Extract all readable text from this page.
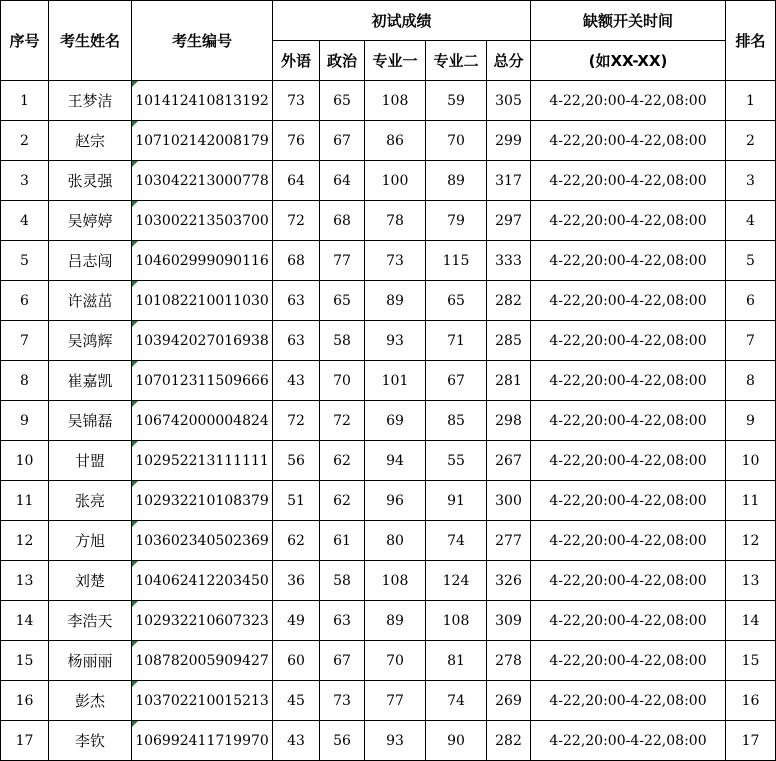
序号	考生姓名	考生编号	初试成绩					缺额开关时间	排名
			外语	政治	专业一	专业二	总分	(如XX-XX)	
1	王梦洁	101412410813192	73	65	108	59	305	4-22,20:00-4-22,08:00	1
2	赵宗	107102142008179	76	67	86	70	299	4-22,20:00-4-22,08:00	2
3	张灵强	103042213000778	64	64	100	89	317	4-22,20:00-4-22,08:00	3
4	吴婷婷	103002213503700	72	68	78	79	297	4-22,20:00-4-22,08:00	4
5	吕志闯	104602999090116	68	77	73	115	333	4-22,20:00-4-22,08:00	5
6	许滋茁	101082210011030	63	65	89	65	282	4-22,20:00-4-22,08:00	6
7	吴鸿辉	103942027016938	63	58	93	71	285	4-22,20:00-4-22,08:00	7
8	崔嘉凯	107012311509666	43	70	101	67	281	4-22,20:00-4-22,08:00	8
9	吴锦磊	106742000004824	72	72	69	85	298	4-22,20:00-4-22,08:00	9
10	甘盟	102952213111111	56	62	94	55	267	4-22,20:00-4-22,08:00	10
11	张亮	102932210108379	51	62	96	91	300	4-22,20:00-4-22,08:00	11
12	方旭	103602340502369	62	61	80	74	277	4-22,20:00-4-22,08:00	12
13	刘楚	104062412203450	36	58	108	124	326	4-22,20:00-4-22,08:00	13
14	李浩天	102932210607323	49	63	89	108	309	4-22,20:00-4-22,08:00	14
15	杨丽丽	108782005909427	60	67	70	81	278	4-22,20:00-4-22,08:00	15
16	彭杰	103702210015213	45	73	77	74	269	4-22,20:00-4-22,08:00	16
17	李钦	106992411719970	43	56	93	90	282	4-22,20:00-4-22,08:00	17
